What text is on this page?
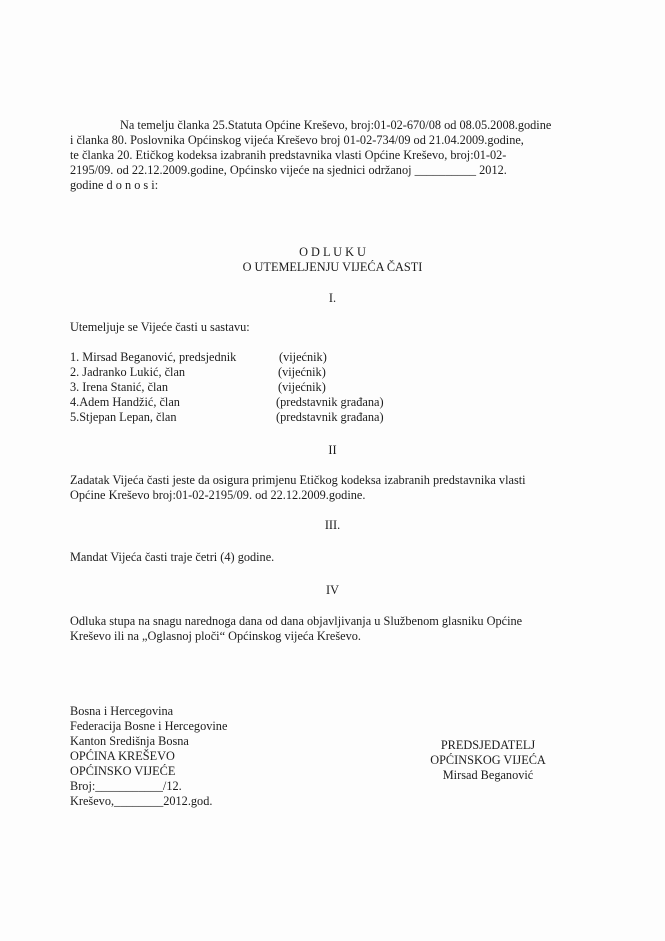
Na temelju članka 25.Statuta Općine Kreševo, broj:01-02-670/08 od 08.05.2008.godine
i članka 80. Poslovnika Općinskog vijeća Kreševo broj 01-02-734/09 od 21.04.2009.godine,
te članka 20. Etičkog kodeksa izabranih predstavnika vlasti Općine Kreševo, broj:01-02-
2195/09. od 22.12.2009.godine, Općinsko vijeće na sjednici održanoj __________ 2012.
godine d o n o s i:
O D L U K U
O UTEMELJENJU VIJEĆA ČASTI
I.
Utemeljuje se Vijeće časti u sastavu:
1. Mirsad Beganović, predsjednik	(vijećnik)
2. Jadranko Lukić, član	(vijećnik)
3. Irena Stanić, član	(vijećnik)
4.Adem Handžić, član	(predstavnik građana)
5.Stjepan Lepan, član	(predstavnik građana)
II
Zadatak Vijeća časti jeste da osigura primjenu Etičkog kodeksa izabranih predstavnika vlasti
Općine Kreševo broj:01-02-2195/09. od 22.12.2009.godine.
III.
Mandat Vijeća časti traje četri (4) godine.
IV
Odluka stupa na snagu narednoga dana od dana objavljivanja u Službenom glasniku Općine
Kreševo ili na „Oglasnoj ploči“ Općinskog vijeća Kreševo.
Bosna i Hercegovina
Federacija Bosne i Hercegovine
Kanton Središnja Bosna
OPĆINA KREŠEVO
OPĆINSKO VIJEĆE
Broj:___________/12.
Kreševo,________2012.god.
PREDSJEDATELJ
OPĆINSKOG VIJEĆA
Mirsad Beganović
